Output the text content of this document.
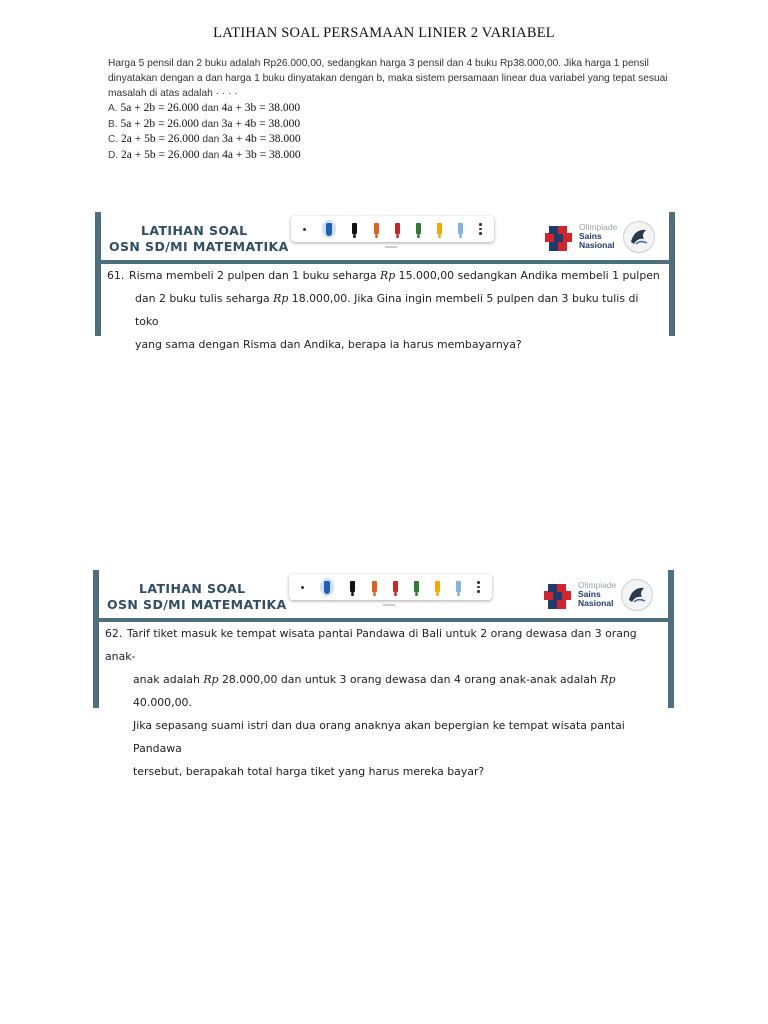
LATIHAN SOAL PERSAMAAN LINIER 2 VARIABEL
Harga 5 pensil dan 2 buku adalah Rp26.000,00, sedangkan harga 3 pensil dan 4 buku Rp38.000,00. Jika harga 1 pensil
dinyatakan dengan a dan harga 1 buku dinyatakan dengan b, maka sistem persamaan linear dua variabel yang tepat sesuai
masalah di atas adalah · · · ·
A. 5a + 2b = 26.000 dan 4a + 3b = 38.000
B. 5a + 2b = 26.000 dan 3a + 4b = 38.000
C. 2a + 5b = 26.000 dan 3a + 4b = 38.000
D. 2a + 5b = 26.000 dan 4a + 3b = 38.000
LATIHAN SOAL
OSN SD/MI MATEMATIKA
Olimpiade
Sains
Nasional
61. Risma membeli 2 pulpen dan 1 buku seharga Rp 15.000,00 sedangkan Andika membeli 1 pulpen
dan 2 buku tulis seharga Rp 18.000,00. Jika Gina ingin membeli 5 pulpen dan 3 buku tulis di toko
yang sama dengan Risma dan Andika, berapa ia harus membayarnya?
LATIHAN SOAL
OSN SD/MI MATEMATIKA
Olimpiade
Sains
Nasional
62. Tarif tiket masuk ke tempat wisata pantai Pandawa di Bali untuk 2 orang dewasa dan 3 orang anak-
anak adalah Rp 28.000,00 dan untuk 3 orang dewasa dan 4 orang anak-anak adalah Rp 40.000,00.
Jika sepasang suami istri dan dua orang anaknya akan bepergian ke tempat wisata pantai Pandawa
tersebut, berapakah total harga tiket yang harus mereka bayar?
